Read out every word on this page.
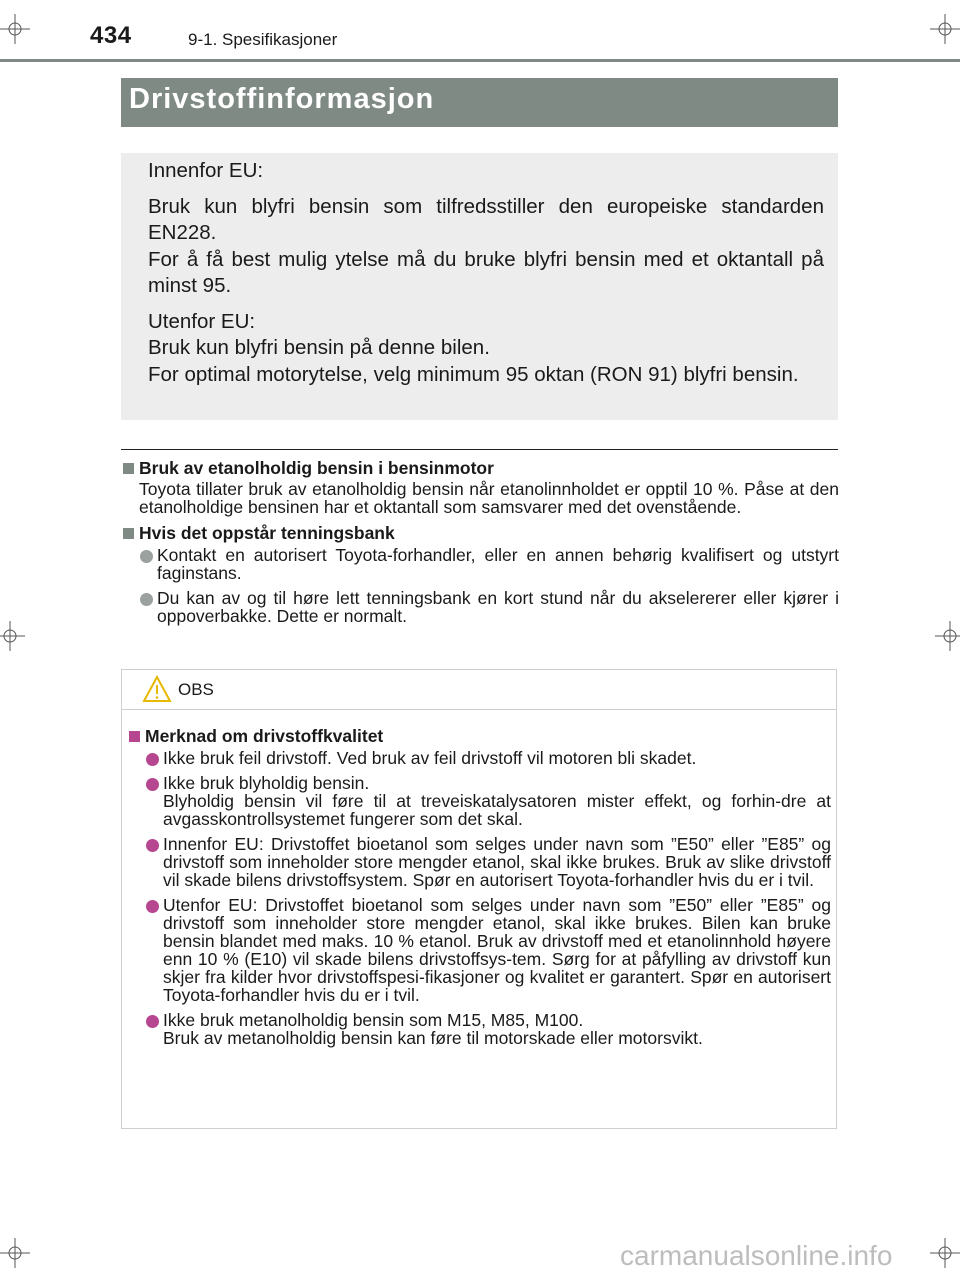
434	9-1. Spesifikasjoner
Drivstoffinformasjon

Innenfor EU:

Bruk kun blyfri bensin som tilfredsstiller den europeiske standarden EN228.

For å få best mulig ytelse må du bruke blyfri bensin med et oktantall på minst 95.

Utenfor EU:

Bruk kun blyfri bensin på denne bilen.

For optimal motorytelse, velg minimum 95 oktan (RON 91) blyfri bensin.

Bruk av etanolholdig bensin i bensinmotor
Toyota tillater bruk av etanolholdig bensin når etanolinnholdet er opptil 10 %. Påse at den etanolholdige bensinen har et oktantall som samsvarer med det ovenstående.
Hvis det oppstår tenningsbank
Kontakt en autorisert Toyota-forhandler, eller en annen behørig kvalifisert og utstyrt faginstans.
Du kan av og til høre lett tenningsbank en kort stund når du akselererer eller kjører i oppoverbakke. Dette er normalt.
OBS
Merknad om drivstoffkvalitet
Ikke bruk feil drivstoff. Ved bruk av feil drivstoff vil motoren bli skadet.
Ikke bruk blyholdig bensin.
Blyholdig bensin vil føre til at treveiskatalysatoren mister effekt, og forhin-dre at avgasskontrollsystemet fungerer som det skal.
Innenfor EU: Drivstoffet bioetanol som selges under navn som ”E50” eller ”E85” og drivstoff som inneholder store mengder etanol, skal ikke brukes. Bruk av slike drivstoff vil skade bilens drivstoffsystem. Spør en autorisert Toyota-forhandler hvis du er i tvil.
Utenfor EU: Drivstoffet bioetanol som selges under navn som ”E50” eller ”E85” og drivstoff som inneholder store mengder etanol, skal ikke brukes. Bilen kan bruke bensin blandet med maks. 10 % etanol. Bruk av drivstoff med et etanolinnhold høyere enn 10 % (E10) vil skade bilens drivstoffsys-tem. Sørg for at påfylling av drivstoff kun skjer fra kilder hvor drivstoffspesi-fikasjoner og kvalitet er garantert. Spør en autorisert Toyota-forhandler hvis du er i tvil.
Ikke bruk metanolholdig bensin som M15, M85, M100.
Bruk av metanolholdig bensin kan føre til motorskade eller motorsvikt.
carmanualsonline.info
